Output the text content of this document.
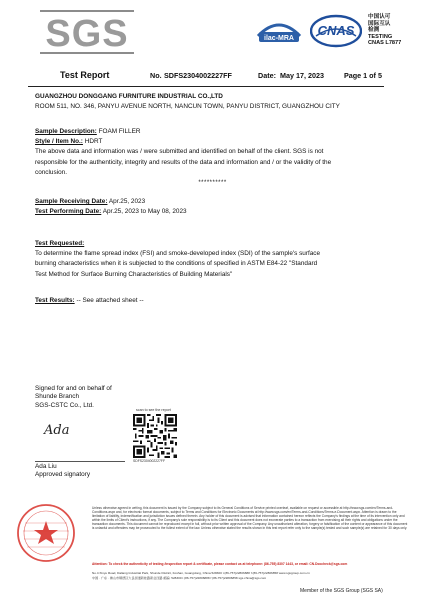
SGS	ilac-MRA
CNAS
中国认可
国际互认
检测
TESTING
CNAS L7877
Test Report	No. SDFS2304002227FF	Date: May 17, 2023	Page 1 of 5
GUANGZHOU DONGGANG FURNITURE INDUSTRIAL CO.,LTD
ROOM 511, NO. 346, PANYU AVENUE NORTH, NANCUN TOWN, PANYU DISTRICT, GUANGZHOU CITY
Sample Description: FOAM FILLER
Style / Item No.: HDRT
The above data and information was / were submitted and identified on behalf of the client. SGS is not
responsible for the authenticity, integrity and results of the data and information and / or the validity of the
conclusion.
**********
Sample Receiving Date: Apr.25, 2023
Test Performing Date: Apr.25, 2023 to May 08, 2023
Test Requested:
To determine the flame spread index (FSI) and smoke-developed index (SDI) of the sample's surface
burning characteristics when it is subjected to the conditions of specified in ASTM E84-22 "Standard
Test Method for Surface Burning Characteristics of Building Materials"
Test Results: -- See attached sheet --
Signed for and on behalf of
Shunde Branch
SGS-CSTC Co., Ltd.
Ada
Ada Liu
Approved signatory
scan to see the report
SDFS2304002227FF

Unless otherwise agreed in writing, this document is issued by the Company subject to its General Conditions of Service printed overleaf, available on request or accessible at http://www.sgs.com/en/Terms-and-Conditions.aspx and, for electronic format documents, subject to Terms and Conditions for Electronic Documents at http://www.sgs.com/en/Terms-and-Conditions/Terms-e-Document.aspx. Attention is drawn to the limitation of liability, indemnification and jurisdiction issues defined therein. Any holder of this document is advised that information contained hereon reflects the Company's findings at the time of its intervention only and within the limits of Client's instructions, if any. The Company's sole responsibility is to its Client and this document does not exonerate parties to a transaction from exercising all their rights and obligations under the transaction documents. This document cannot be reproduced except in full, without prior written approval of the Company. Any unauthorized alteration, forgery or falsification of the content or appearance of this document is unlawful and offenders may be prosecuted to the fullest extent of the law. Unless otherwise stated the results shown in this test report refer only to the sample(s) tested and such sample(s) are retained for 30 days only.

Attention: To check the authenticity of testing /inspection report & certificate, please contact us at telephone: (86-755) 8307 1443, or email: CN.Doccheck@sgs.com
No.4 Xinye Road, Daliang Industrial Park, Shunde District, Foshan, Guangdong, China 528300 t (86-757)22806888 f (86-757)22806858 www.sgsgroup.com.cn
中国 · 广东 · 佛山市顺德区大良街道新桂路新业四路 邮编: 528300 t (86-757)22806888 f (86-757)22806858 sgs.china@sgs.com
Member of the SGS Group (SGS SA)
